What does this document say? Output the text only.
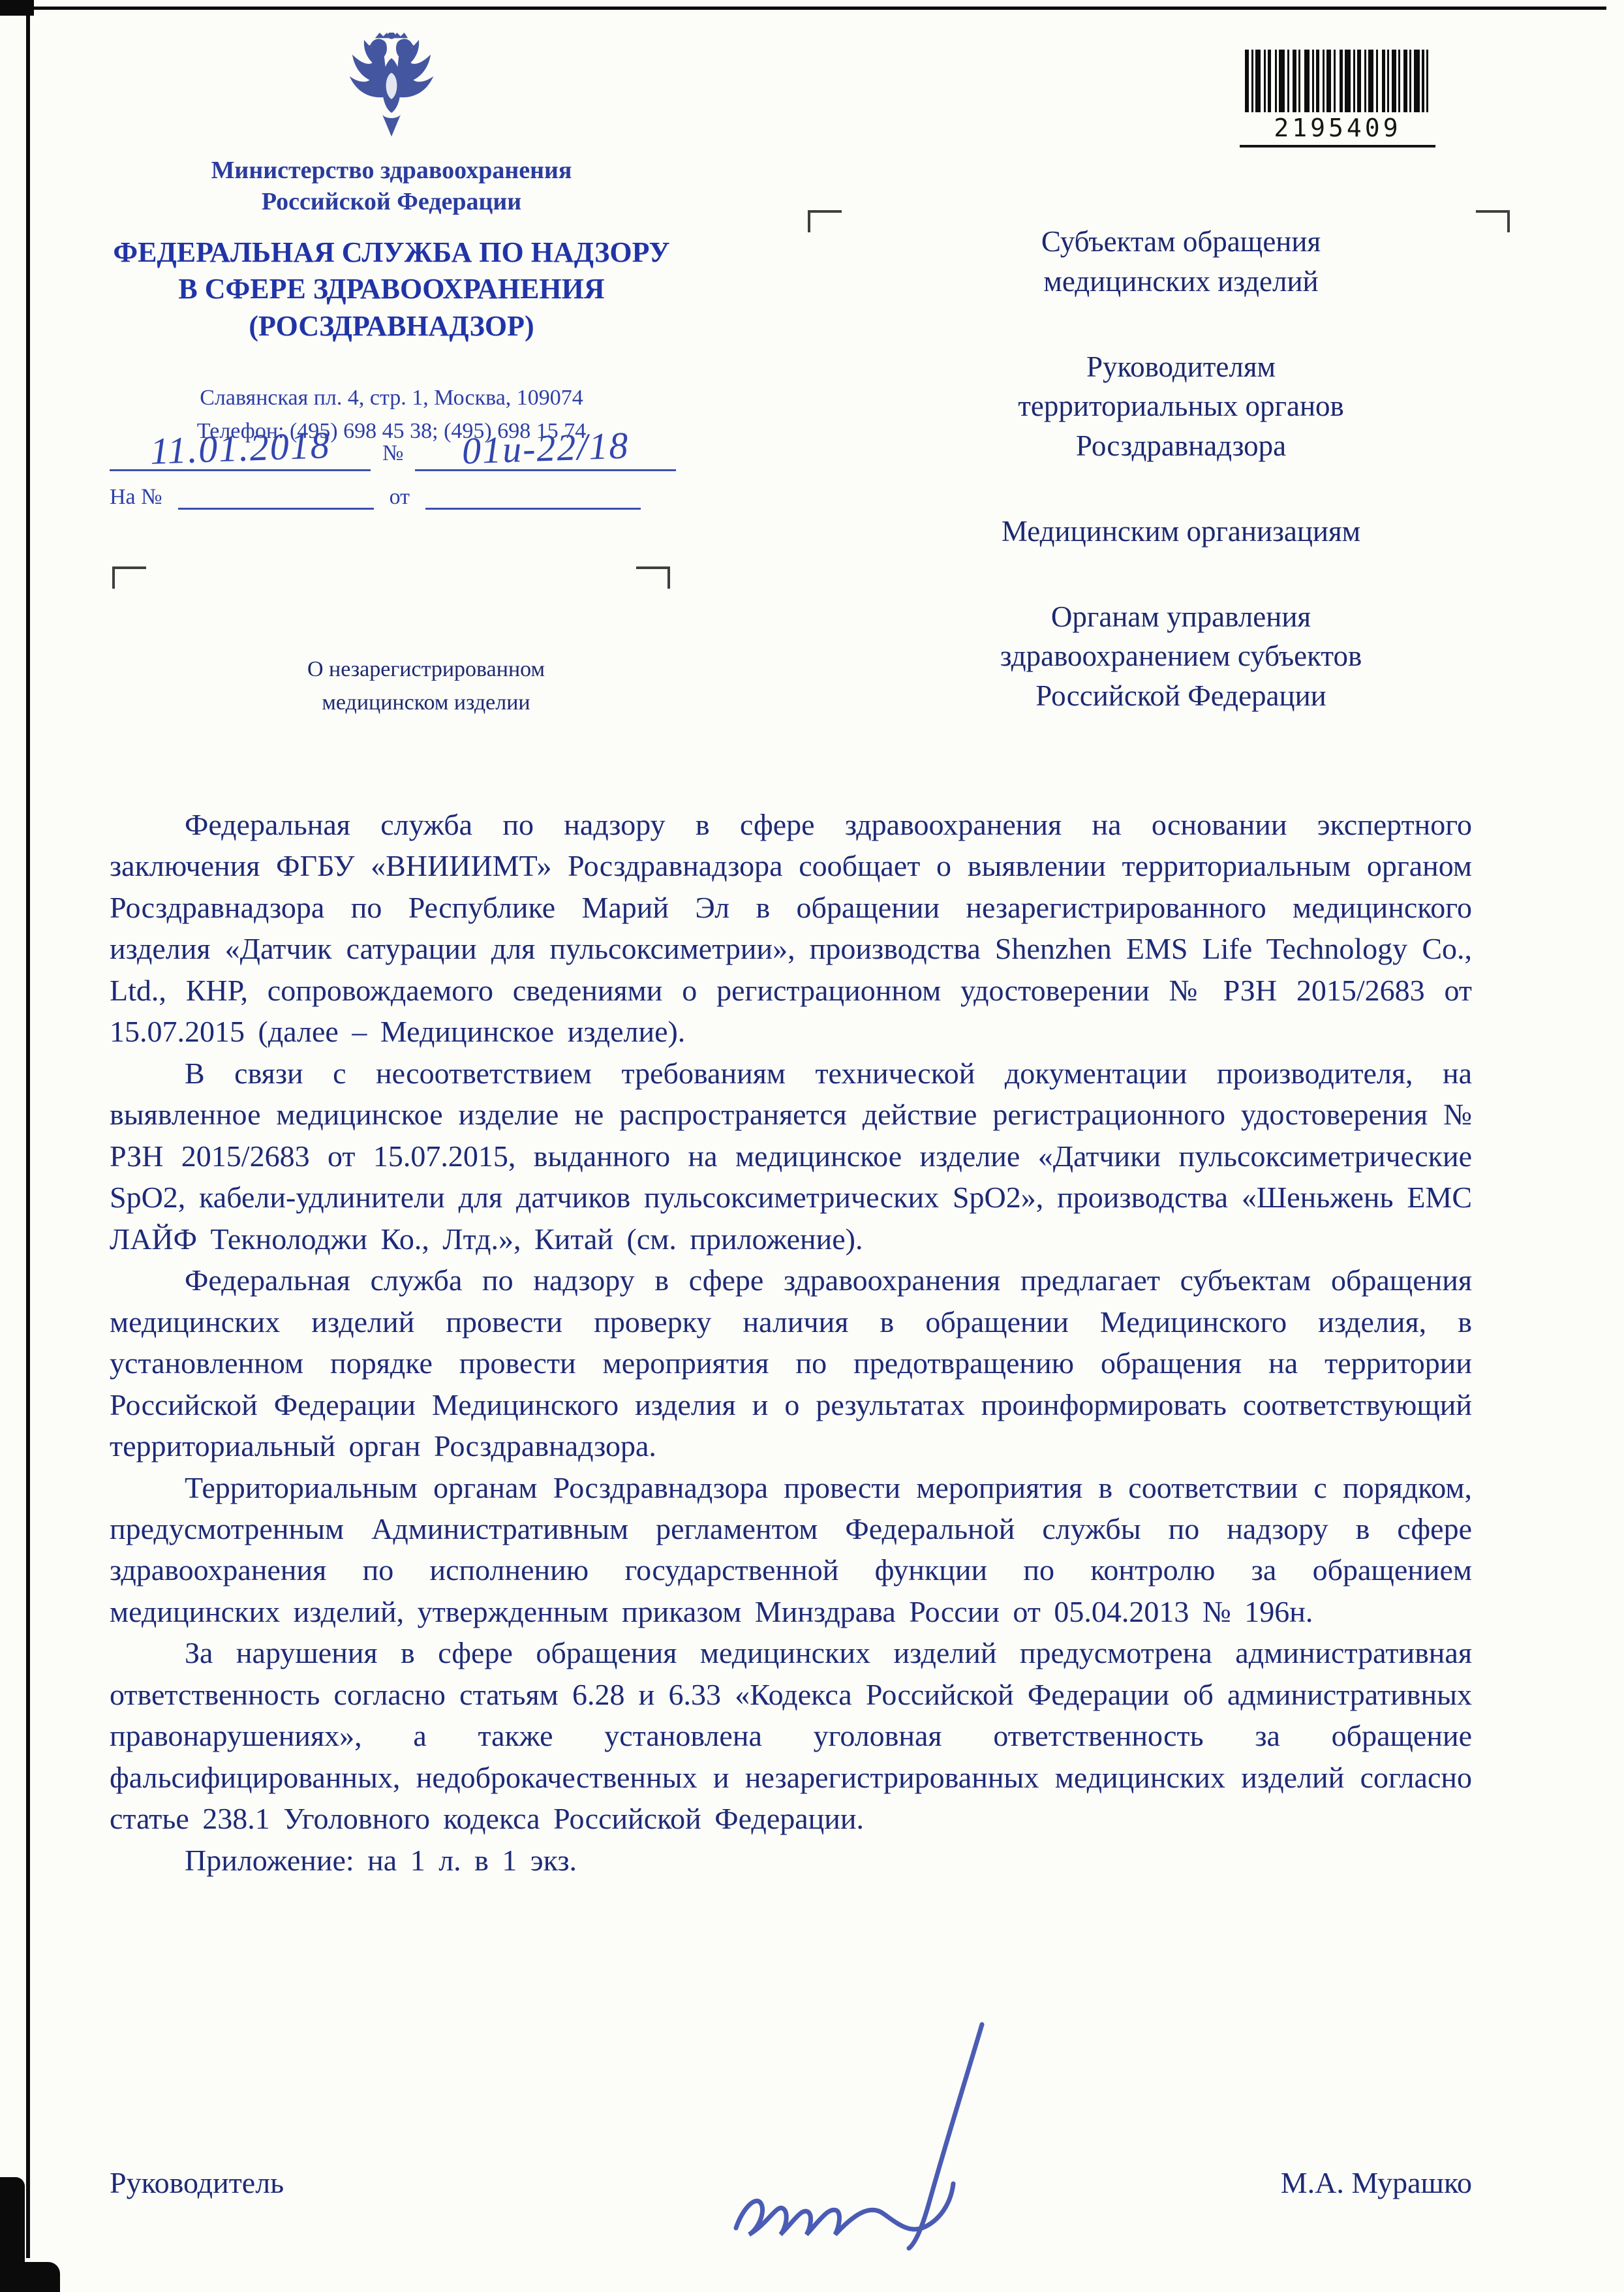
Министерство здравоохранения
Российской Федерации
ФЕДЕРАЛЬНАЯ СЛУЖБА ПО НАДЗОРУ
В СФЕРЕ ЗДРАВООХРАНЕНИЯ
(РОСЗДРАВНАДЗОР)
Славянская пл. 4, стр. 1, Москва, 109074
Телефон: (495) 698 45 38; (495) 698 15 74
11.01.2018	№	01и-22/18
На №	от
2195409
Субъектам обращения медицинских изделий
Руководителям территориальных органов Росздравнадзора
Медицинским организациям
Органам управления здравоохранением субъектов Российской Федерации
О незарегистрированном
медицинском изделии

Федеральная служба по надзору в сфере здравоохранения на основании экспертного заключения ФГБУ «ВНИИИМТ» Росздравнадзора сообщает о выявлении территориальным органом Росздравнадзора по Республике Марий Эл в обращении незарегистрированного медицинского изделия «Датчик сатурации для пульсоксиметрии», производства Shenzhen EMS Life Technology Co., Ltd., КНР, сопровождаемого сведениями о регистрационном удостоверении № РЗН 2015/2683 от 15.07.2015 (далее – Медицинское изделие).

В связи с несоответствием требованиям технической документации производителя, на выявленное медицинское изделие не распространяется действие регистрационного удостоверения № РЗН 2015/2683 от 15.07.2015, выданного на медицинское изделие «Датчики пульсоксиметрические SpO2, кабели-удлинители для датчиков пульсоксиметрических SpO2», производства «Шеньжень ЕМС ЛАЙФ Текнолоджи Ко., Лтд.», Китай (см. приложение).

Федеральная служба по надзору в сфере здравоохранения предлагает субъектам обращения медицинских изделий провести проверку наличия в обращении Медицинского изделия, в установленном порядке провести мероприятия по предотвращению обращения на территории Российской Федерации Медицинского изделия и о результатах проинформировать соответствующий территориальный орган Росздравнадзора.

Территориальным органам Росздравнадзора провести мероприятия в соответствии с порядком, предусмотренным Административным регламентом Федеральной службы по надзору в сфере здравоохранения по исполнению государственной функции по контролю за обращением медицинских изделий, утвержденным приказом Минздрава России от 05.04.2013 № 196н.

За нарушения в сфере обращения медицинских изделий предусмотрена административная ответственность согласно статьям 6.28 и 6.33 «Кодекса Российской Федерации об административных правонарушениях», а также установлена уголовная ответственность за обращение фальсифицированных, недоброкачественных и незарегистрированных медицинских изделий согласно статье 238.1 Уголовного кодекса Российской Федерации.

Приложение: на 1 л. в 1 экз.

Руководитель	М.А. Мурашко
